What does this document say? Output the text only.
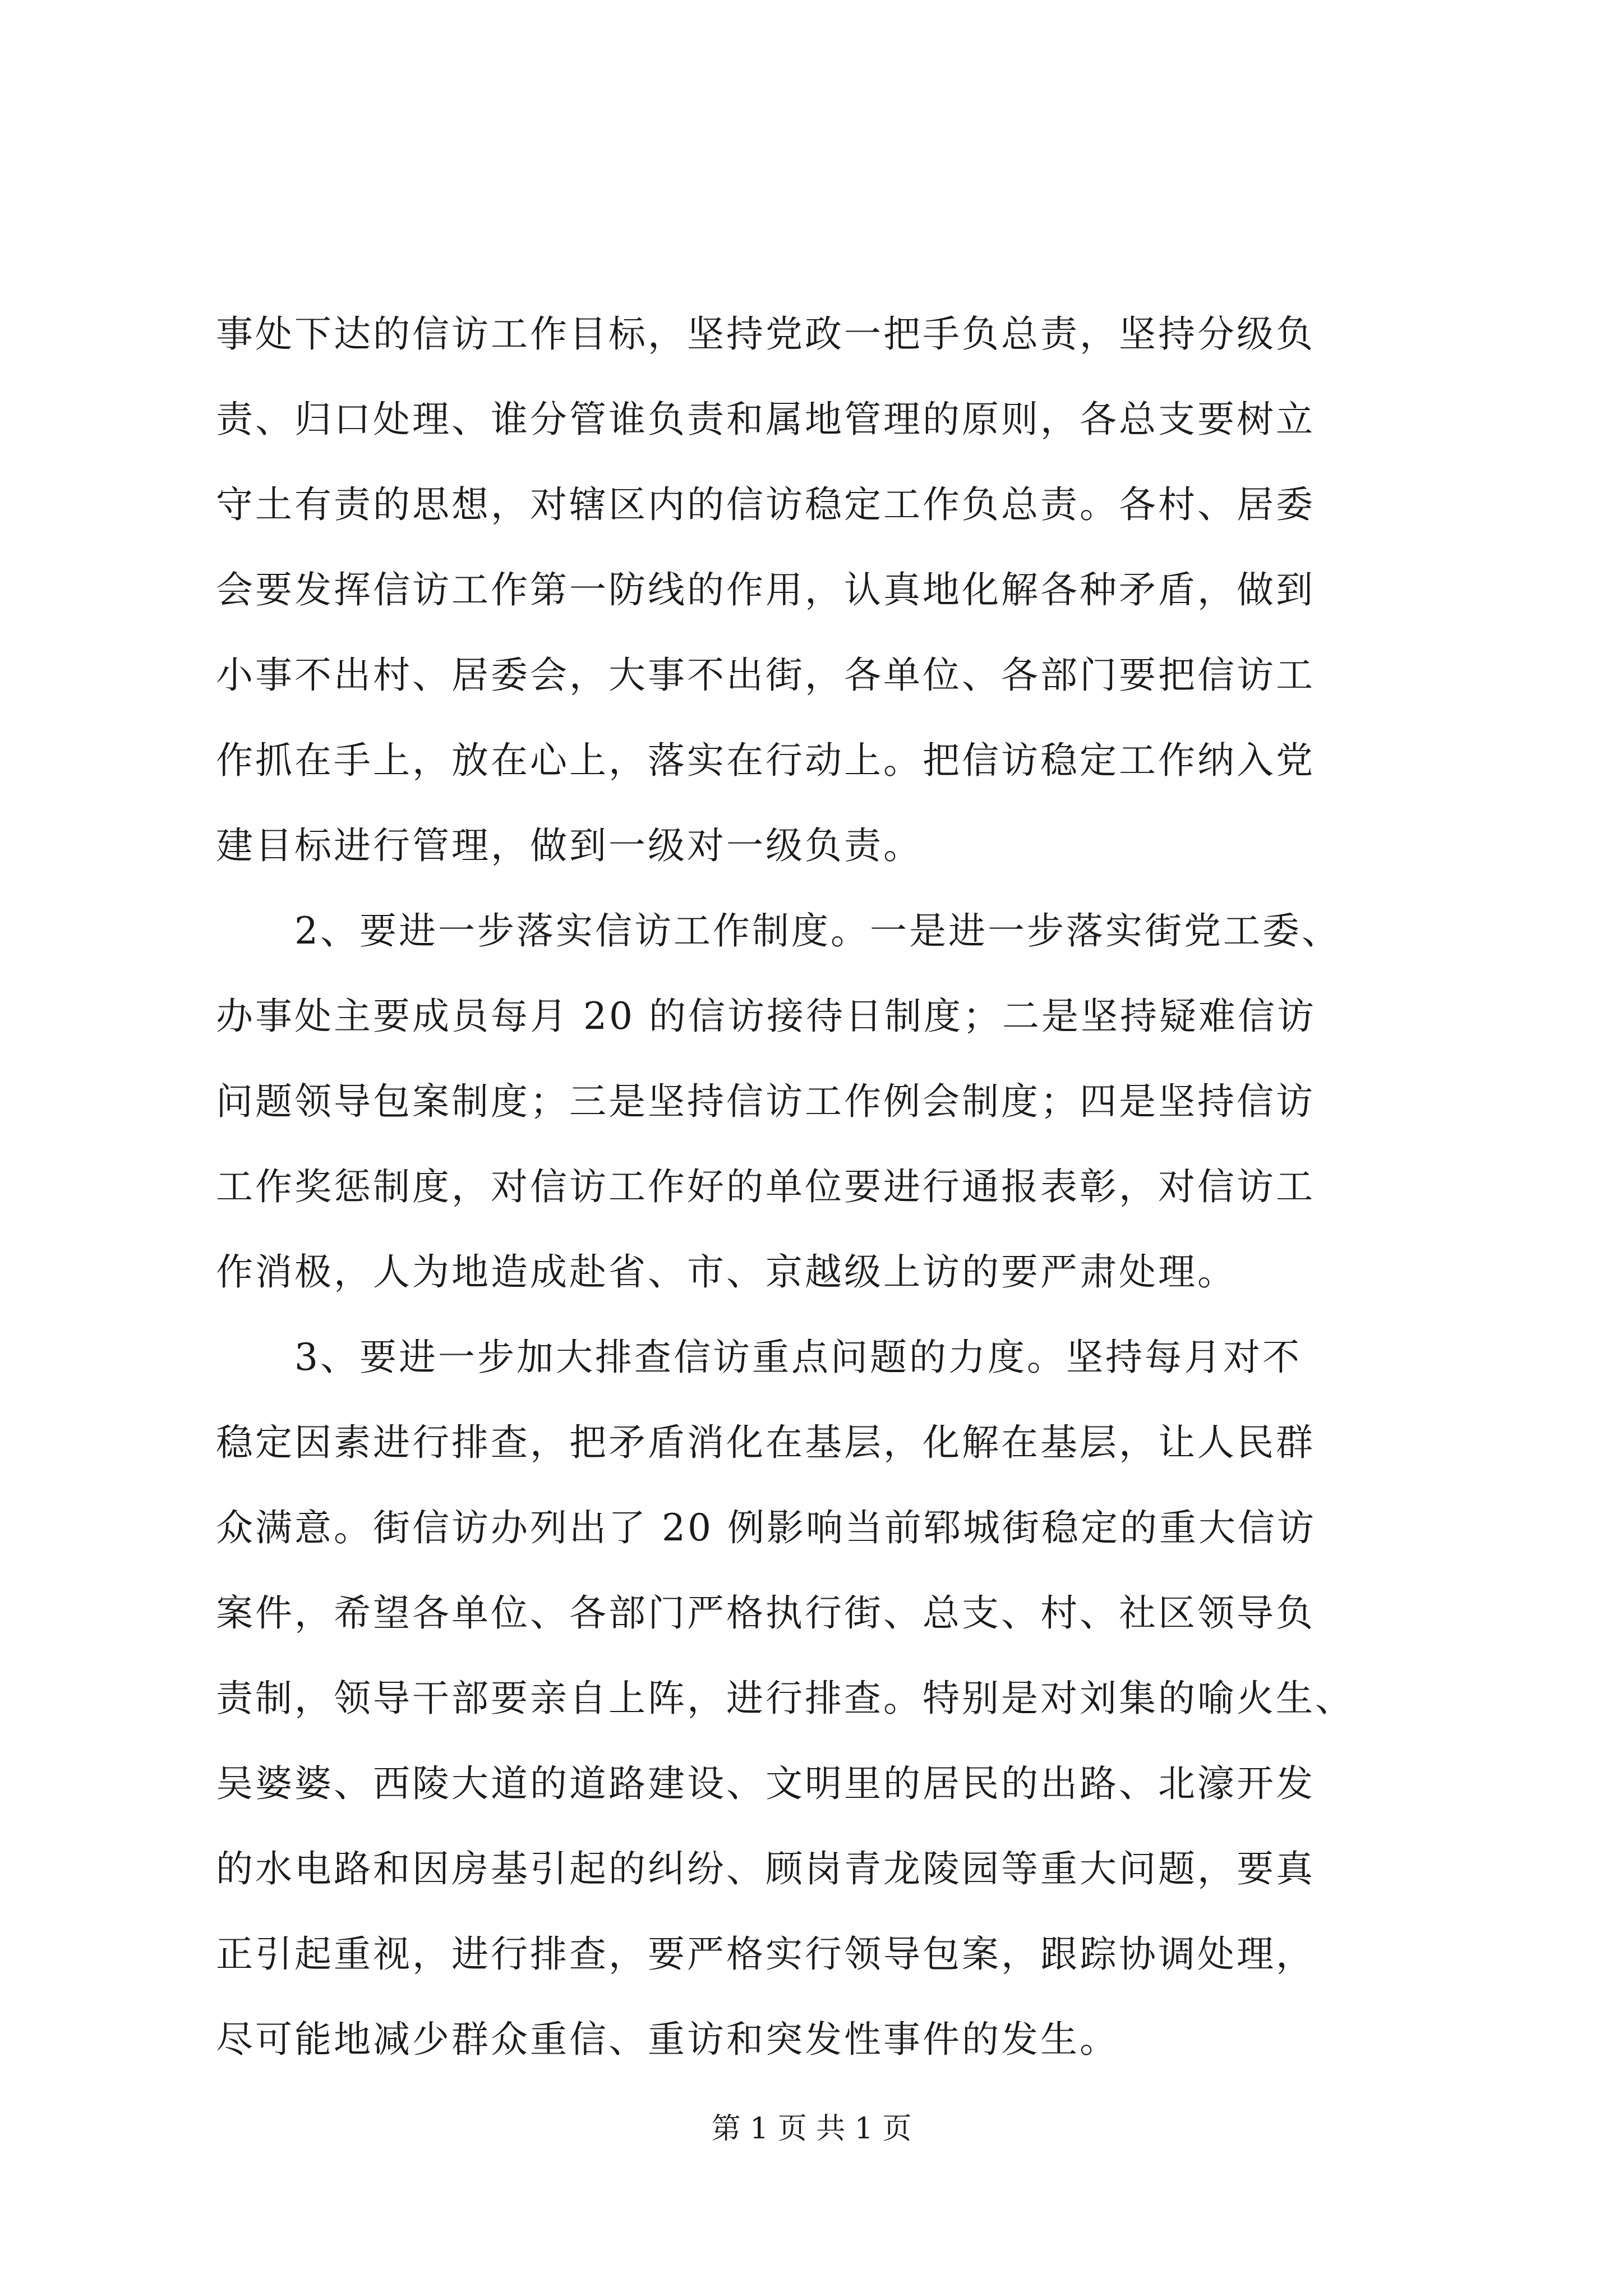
事处下达的信访工作目标，坚持党政一把手负总责，坚持分级负
责、归口处理、谁分管谁负责和属地管理的原则，各总支要树立
守土有责的思想，对辖区内的信访稳定工作负总责。各村、居委
会要发挥信访工作第一防线的作用，认真地化解各种矛盾，做到
小事不出村、居委会，大事不出街，各单位、各部门要把信访工
作抓在手上，放在心上，落实在行动上。把信访稳定工作纳入党
建目标进行管理，做到一级对一级负责。
　　2、要进一步落实信访工作制度。一是进一步落实街党工委、
办事处主要成员每月 20 的信访接待日制度；二是坚持疑难信访
问题领导包案制度；三是坚持信访工作例会制度；四是坚持信访
工作奖惩制度，对信访工作好的单位要进行通报表彰，对信访工
作消极，人为地造成赴省、市、京越级上访的要严肃处理。
　　3、要进一步加大排查信访重点问题的力度。坚持每月对不
稳定因素进行排查，把矛盾消化在基层，化解在基层，让人民群
众满意。街信访办列出了 20 例影响当前郓城街稳定的重大信访
案件，希望各单位、各部门严格执行街、总支、村、社区领导负
责制，领导干部要亲自上阵，进行排查。特别是对刘集的喻火生、
吴婆婆、西陵大道的道路建设、文明里的居民的出路、北濠开发
的水电路和因房基引起的纠纷、顾岗青龙陵园等重大问题，要真
正引起重视，进行排查，要严格实行领导包案，跟踪协调处理，
尽可能地减少群众重信、重访和突发性事件的发生。
第 1 页 共 1 页
